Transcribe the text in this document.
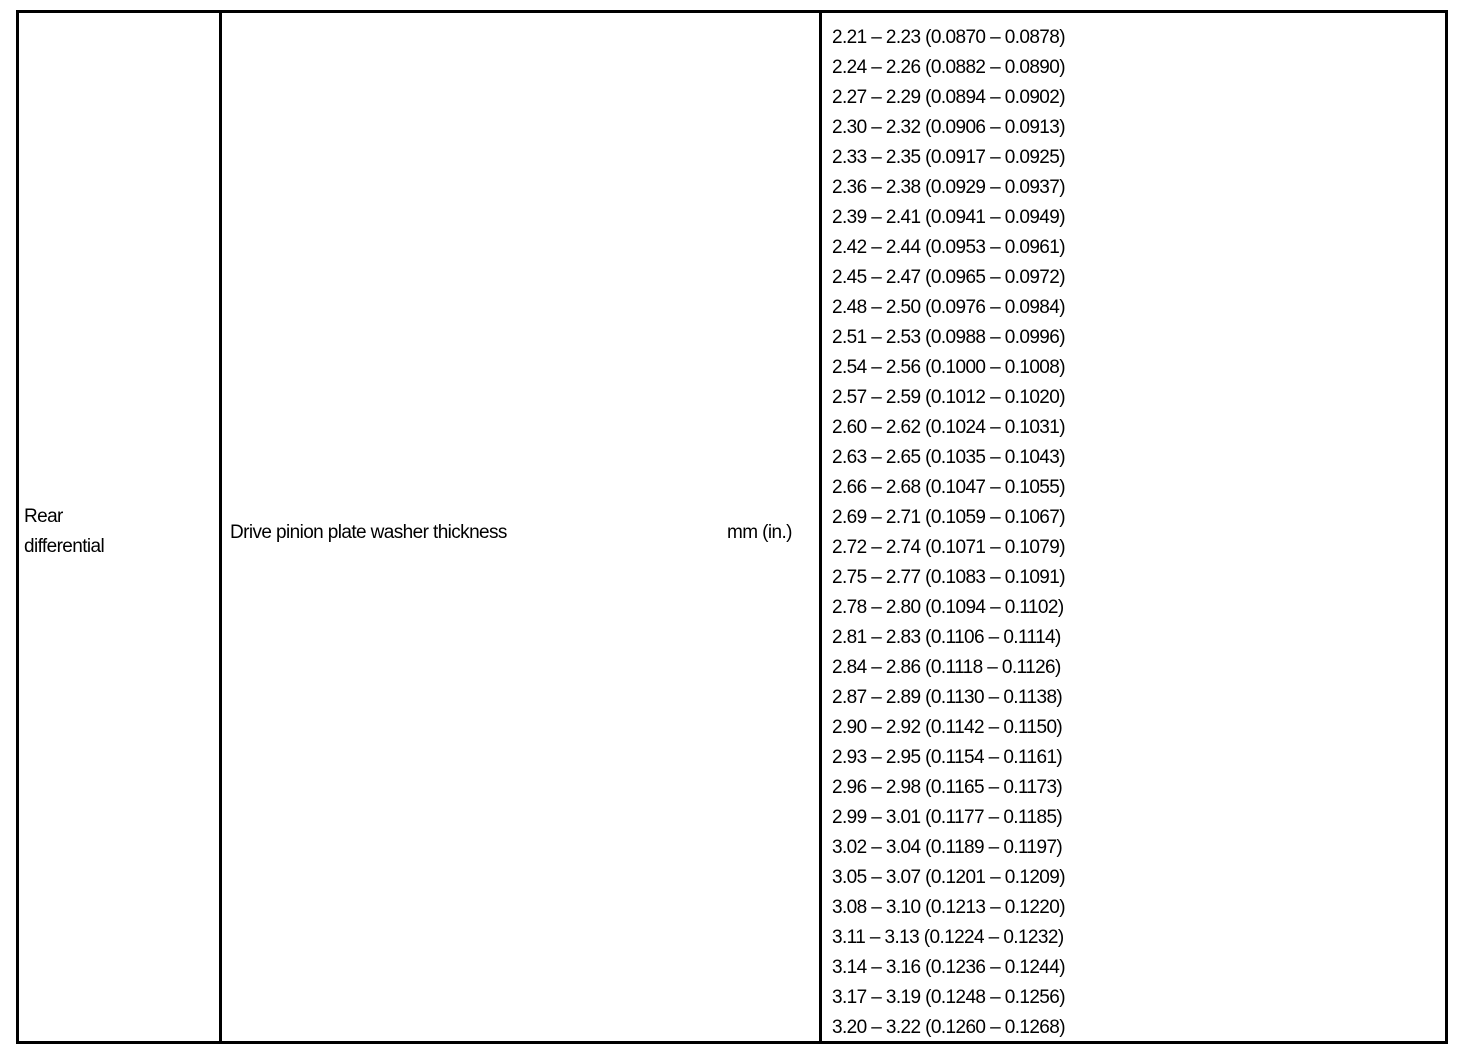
Rear
differential
Drive pinion plate washer thickness	mm (in.)
2.21 – 2.23 (0.0870 – 0.0878)
2.24 – 2.26 (0.0882 – 0.0890)
2.27 – 2.29 (0.0894 – 0.0902)
2.30 – 2.32 (0.0906 – 0.0913)
2.33 – 2.35 (0.0917 – 0.0925)
2.36 – 2.38 (0.0929 – 0.0937)
2.39 – 2.41 (0.0941 – 0.0949)
2.42 – 2.44 (0.0953 – 0.0961)
2.45 – 2.47 (0.0965 – 0.0972)
2.48 – 2.50 (0.0976 – 0.0984)
2.51 – 2.53 (0.0988 – 0.0996)
2.54 – 2.56 (0.1000 – 0.1008)
2.57 – 2.59 (0.1012 – 0.1020)
2.60 – 2.62 (0.1024 – 0.1031)
2.63 – 2.65 (0.1035 – 0.1043)
2.66 – 2.68 (0.1047 – 0.1055)
2.69 – 2.71 (0.1059 – 0.1067)
2.72 – 2.74 (0.1071 – 0.1079)
2.75 – 2.77 (0.1083 – 0.1091)
2.78 – 2.80 (0.1094 – 0.1102)
2.81 – 2.83 (0.1106 – 0.1114)
2.84 – 2.86 (0.1118 – 0.1126)
2.87 – 2.89 (0.1130 – 0.1138)
2.90 – 2.92 (0.1142 – 0.1150)
2.93 – 2.95 (0.1154 – 0.1161)
2.96 – 2.98 (0.1165 – 0.1173)
2.99 – 3.01 (0.1177 – 0.1185)
3.02 – 3.04 (0.1189 – 0.1197)
3.05 – 3.07 (0.1201 – 0.1209)
3.08 – 3.10 (0.1213 – 0.1220)
3.11 – 3.13 (0.1224 – 0.1232)
3.14 – 3.16 (0.1236 – 0.1244)
3.17 – 3.19 (0.1248 – 0.1256)
3.20 – 3.22 (0.1260 – 0.1268)
